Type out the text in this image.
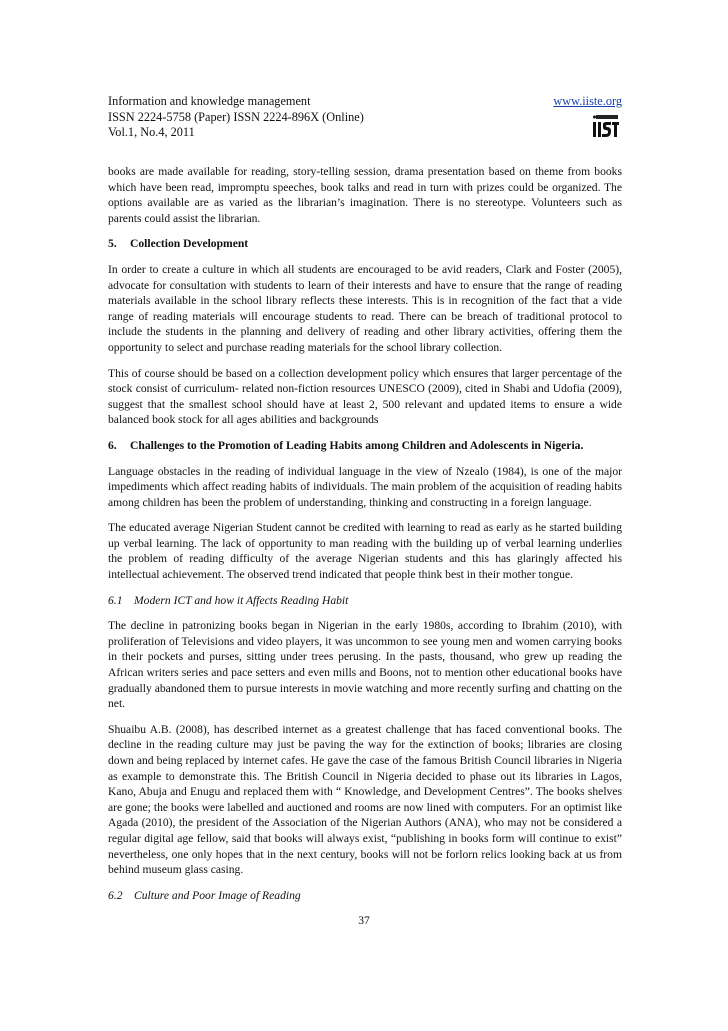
Information and knowledge management
ISSN 2224-5758 (Paper) ISSN 2224-896X (Online)
Vol.1, No.4, 2011
www.iiste.org

books are made available for reading, story-telling session, drama presentation based on theme from books which have been read, impromptu speeches, book talks and read in turn with prizes could be organized. The options available are as varied as the librarian’s imagination. There is no stereotype. Volunteers such as parents could assist the librarian.

5. Collection Development

In order to create a culture in which all students are encouraged to be avid readers, Clark and Foster (2005), advocate for consultation with students to learn of their interests and have to ensure that the range of reading materials available in the school library reflects these interests. This is in recognition of the fact that a vide range of reading materials will encourage students to read. There can be breach of traditional protocol to include the students in the planning and delivery of reading and other library activities, offering them the opportunity to select and purchase reading materials for the school library collection.

This of course should be based on a collection development policy which ensures that larger percentage of the stock consist of curriculum- related non-fiction resources UNESCO (2009), cited in Shabi and Udofia (2009), suggest that the smallest school should have at least 2, 500 relevant and updated items to ensure a wide balanced book stock for all ages abilities and backgrounds

6. Challenges to the Promotion of Leading Habits among Children and Adolescents in Nigeria.

Language obstacles in the reading of individual language in the view of Nzealo (1984), is one of the major impediments which affect reading habits of individuals. The main problem of the acquisition of reading habits among children has been the problem of understanding, thinking and constructing in a foreign language.

The educated average Nigerian Student cannot be credited with learning to read as early as he started building up verbal learning. The lack of opportunity to man reading with the building up of verbal learning underlies the problem of reading difficulty of the average Nigerian students and this has glaringly affected his intellectual achievement. The observed trend indicated that people think best in their mother tongue.

6.1 Modern ICT and how it Affects Reading Habit

The decline in patronizing books began in Nigerian in the early 1980s, according to Ibrahim (2010), with proliferation of Televisions and video players, it was uncommon to see young men and women carrying books in their pockets and purses, sitting under trees perusing. In the pasts, thousand, who grew up reading the African writers series and pace setters and even mills and Boons, not to mention other educational books have gradually abandoned them to pursue interests in movie watching and more recently surfing and chatting on the net.

Shuaibu A.B. (2008), has described internet as a greatest challenge that has faced conventional books. The decline in the reading culture may just be paving the way for the extinction of books; libraries are closing down and being replaced by internet cafes. He gave the case of the famous British Council libraries in Nigeria as example to demonstrate this. The British Council in Nigeria decided to phase out its libraries in Lagos, Kano, Abuja and Enugu and replaced them with “ Knowledge, and Development Centres”. The books shelves are gone; the books were labelled and auctioned and rooms are now lined with computers. For an optimist like Agada (2010), the president of the Association of the Nigerian Authors (ANA), who may not be considered a regular digital age fellow, said that books will always exist, “publishing in books form will continue to exist” nevertheless, one only hopes that in the next century, books will not be forlorn relics looking back at us from behind museum glass casing.

6.2 Culture and Poor Image of Reading
37
